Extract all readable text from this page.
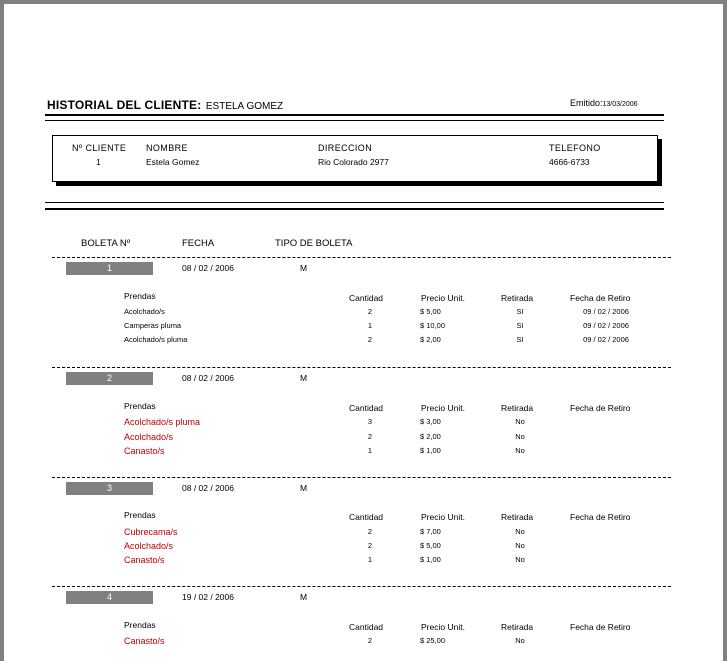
HISTORIAL DEL CLIENTE: ESTELA GOMEZ	Emitido:13/03/2006
Nº CLIENTE NOMBRE	DIRECCION	TELEFONO
1	Estela Gomez	Rio Colorado 2977	4666-6733
BOLETA Nº	FECHA	TIPO DE BOLETA
1	08 / 02 / 2006	M
Prendas	Cantidad	Precio Unit.	Retirada	Fecha de Retiro
Acolchado/s	2	$ 5,00	SI	09 / 02 / 2006
Camperas pluma	1	$ 10,00	SI	09 / 02 / 2006
Acolchado/s pluma	2	$ 2,00	SI	09 / 02 / 2006
2	08 / 02 / 2006	M
Prendas	Cantidad	Precio Unit.	Retirada	Fecha de Retiro
Acolchado/s pluma	3	$ 3,00	No
Acolchado/s	2	$ 2,00	No
Canasto/s	1	$ 1,00	No
3	08 / 02 / 2006	M
Prendas	Cantidad	Precio Unit.	Retirada	Fecha de Retiro
Cubrecama/s	2	$ 7,00	No
Acolchado/s	2	$ 5,00	No
Canasto/s	1	$ 1,00	No
4	19 / 02 / 2006	M
Prendas	Cantidad	Precio Unit.	Retirada	Fecha de Retiro
Canasto/s	2	$ 25,00	No
